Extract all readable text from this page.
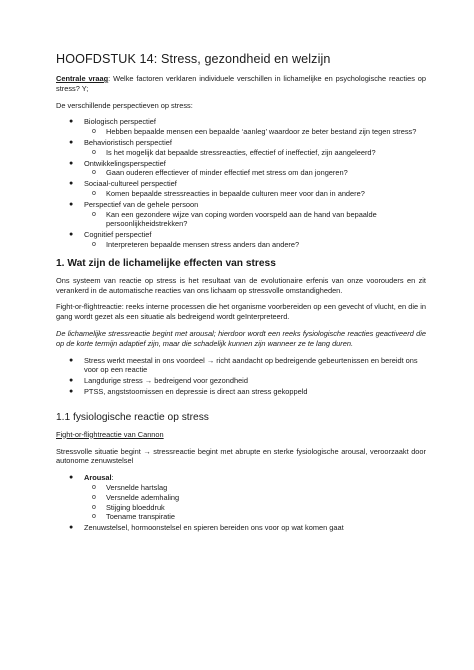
HOOFDSTUK 14: Stress, gezondheid en welzijn

Centrale vraag: Welke factoren verklaren individuele verschillen in lichamelijke en psychologische reacties op stress? Y;

De verschillende perspectieven op stress:

● Biologisch perspectief
o Hebben bepaalde mensen een bepaalde ‘aanleg’ waardoor ze beter bestand zijn tegen stress?
● Behavioristisch perspectief
o Is het mogelijk dat bepaalde stressreacties, effectief of ineffectief, zijn aangeleerd?
● Ontwikkelingsperspectief
o Gaan ouderen effectiever of minder effectief met stress om dan jongeren?
● Sociaal-cultureel perspectief
o Komen bepaalde stressreacties in bepaalde culturen meer voor dan in andere?
● Perspectief van de gehele persoon
o Kan een gezondere wijze van coping worden voorspeld aan de hand van bepaalde persoonlijkheidstrekken?
● Cognitief perspectief
o Interpreteren bepaalde mensen stress anders dan andere?
1. Wat zijn de lichamelijke effecten van stress

Ons systeem van reactie op stress is het resultaat van de evolutionaire erfenis van onze voorouders en zit verankerd in de automatische reacties van ons lichaam op stressvolle omstandigheden.

Fight-or-flightreactie: reeks interne processen die het organisme voorbereiden op een gevecht of vlucht, en die in gang wordt gezet als een situatie als bedreigend wordt geïnterpreteerd.

De lichamelijke stressreactie begint met arousal; hierdoor wordt een reeks fysiologische reacties geactiveerd die op de korte termijn adaptief zijn, maar die schadelijk kunnen zijn wanneer ze te lang duren.

● Stress werkt meestal in ons voordeel → richt aandacht op bedreigende gebeurtenissen en bereidt ons voor op een reactie
● Langdurige stress → bedreigend voor gezondheid
● PTSS, angststoornissen en depressie is direct aan stress gekoppeld
1.1 fysiologische reactie op stress

Fight-or-flightreactie van Cannon

Stressvolle situatie begint → stressreactie begint met abrupte en sterke fysiologische arousal, veroorzaakt door autonome zenuwstelsel

● Arousal:
o Versnelde hartslag
o Versnelde ademhaling
o Stijging bloeddruk
o Toename transpiratie
● Zenuwstelsel, hormoonstelsel en spieren bereiden ons voor op wat komen gaat
